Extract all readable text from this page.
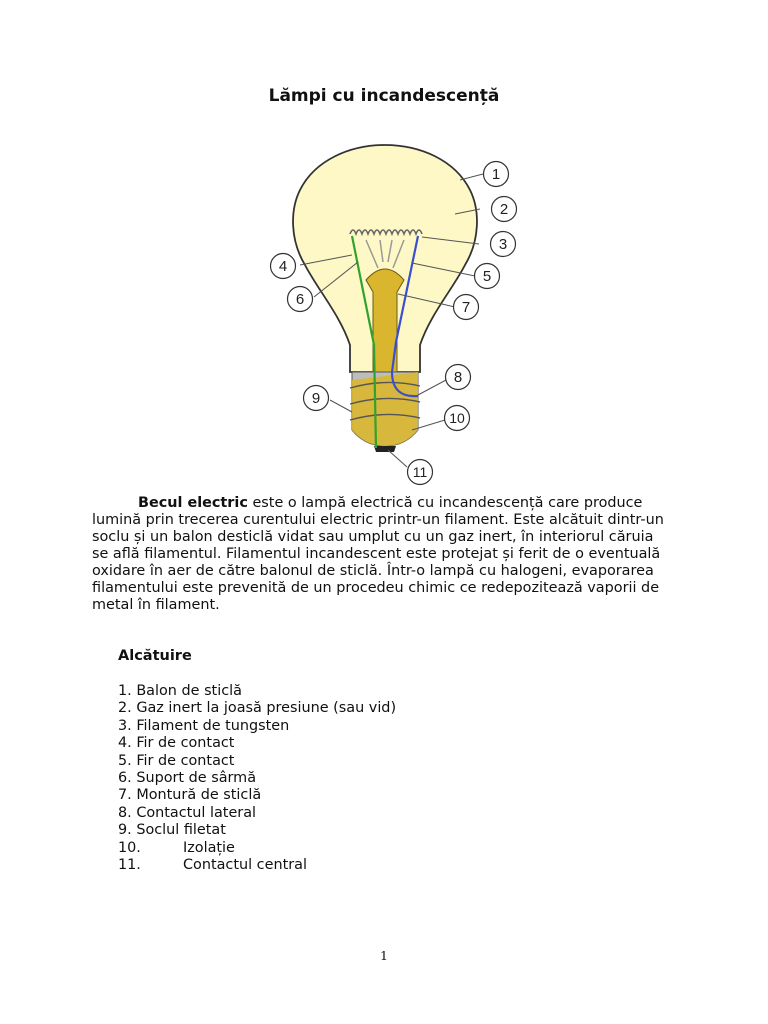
Lămpi cu incandescență
1
2
3
4
5
6	7
8
9
10
11

Becul electric este o lampă electrică cu incandescență care produce lumină prin trecerea curentului electric printr-un filament. Este alcătuit dintr-un soclu și un balon desticlă vidat sau umplut cu un gaz inert, în interiorul căruia se află filamentul. Filamentul incandescent este protejat și ferit de o eventuală oxidare în aer de către balonul de sticlă. Într-o lampă cu halogeni, evaporarea filamentului este prevenită de un procedeu chimic ce redepozitează vaporii de metal în filament.

Alcătuire
1. Balon de sticlă
2. Gaz inert la joasă presiune (sau vid)
3. Filament de tungsten
4. Fir de contact
5. Fir de contact
6. Suport de sârmă
7. Montură de sticlă
8. Contactul lateral
9. Soclul filetat
10.	Izolație
11.	Contactul central
1
